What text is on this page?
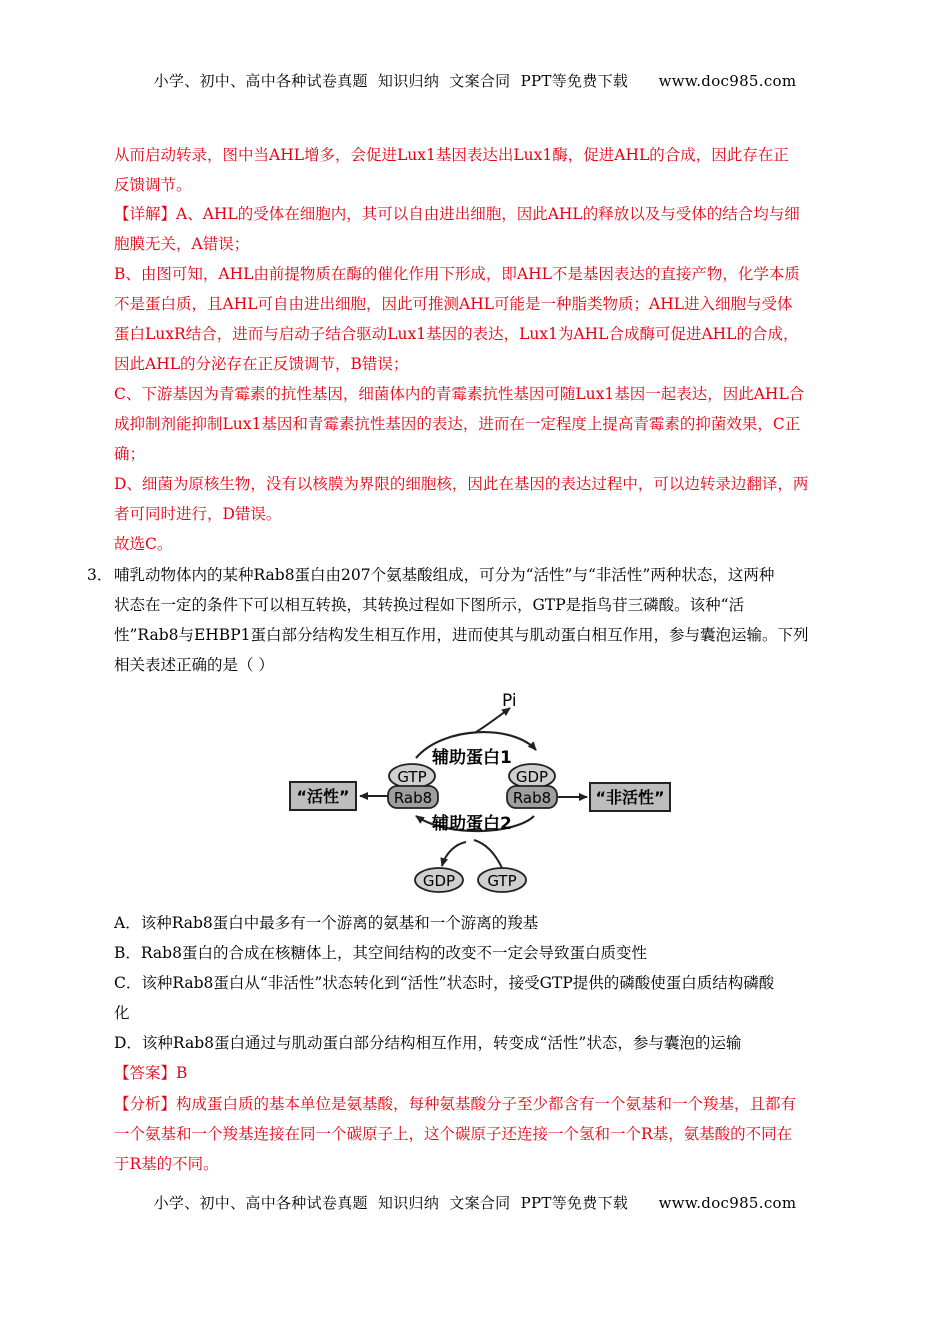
小学、初中、高中各种试卷真题  知识归纳  文案合同  PPT等免费下载      www.doc985.com
从而启动转录，图中当AHL增多，会促进Lux1基因表达出Lux1酶，促进AHL的合成，因此存在正
反馈调节。
【详解】A、AHL的受体在细胞内，其可以自由进出细胞，因此AHL的释放以及与受体的结合均与细
胞膜无关，A错误；
B、由图可知，AHL由前提物质在酶的催化作用下形成，即AHL不是基因表达的直接产物，化学本质
不是蛋白质，且AHL可自由进出细胞，因此可推测AHL可能是一种脂类物质；AHL进入细胞与受体
蛋白LuxR结合，进而与启动子结合驱动Lux1基因的表达，Lux1为AHL合成酶可促进AHL的合成，
因此AHL的分泌存在正反馈调节，B错误；
C、下游基因为青霉素的抗性基因，细菌体内的青霉素抗性基因可随Lux1基因一起表达，因此AHL合
成抑制剂能抑制Lux1基因和青霉素抗性基因的表达，进而在一定程度上提高青霉素的抑菌效果，C正
确；
D、细菌为原核生物，没有以核膜为界限的细胞核，因此在基因的表达过程中，可以边转录边翻译，两
者可同时进行，D错误。
故选C。
3． 哺乳动物体内的某种Rab8蛋白由207个氨基酸组成，可分为“活性”与“非活性”两种状态，这两种
状态在一定的条件下可以相互转换，其转换过程如下图所示，GTP是指鸟苷三磷酸。该种“活
性”Rab8与EHBP1蛋白部分结构发生相互作用，进而使其与肌动蛋白相互作用，参与囊泡运输。下列
相关表述正确的是（ ）
Pi
辅助蛋白1
“活性”
GTP
Rab8
GDP
Rab8	“非活性”
辅助蛋白2
GDP GTP
A．该种Rab8蛋白中最多有一个游离的氨基和一个游离的羧基
B．Rab8蛋白的合成在核糖体上，其空间结构的改变不一定会导致蛋白质变性
C．该种Rab8蛋白从“非活性”状态转化到“活性”状态时，接受GTP提供的磷酸使蛋白质结构磷酸
化
D．该种Rab8蛋白通过与肌动蛋白部分结构相互作用，转变成“活性”状态，参与囊泡的运输
【答案】B
【分析】构成蛋白质的基本单位是氨基酸，每种氨基酸分子至少都含有一个氨基和一个羧基，且都有
一个氨基和一个羧基连接在同一个碳原子上，这个碳原子还连接一个氢和一个R基，氨基酸的不同在
于R基的不同。
小学、初中、高中各种试卷真题  知识归纳  文案合同  PPT等免费下载      www.doc985.com
